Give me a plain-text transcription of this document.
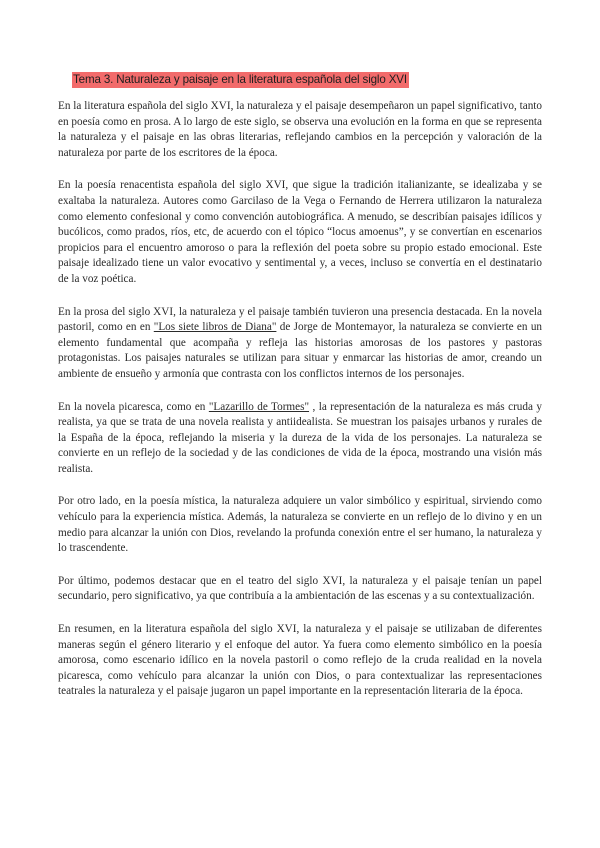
Tema 3. Naturaleza y paisaje en la literatura española del siglo XVI

En la literatura española del siglo XVI, la naturaleza y el paisaje desempeñaron un papel significativo, tanto en poesía como en prosa. A lo largo de este siglo, se observa una evolución en la forma en que se representa la naturaleza y el paisaje en las obras literarias, reflejando cambios en la percepción y valoración de la naturaleza por parte de los escritores de la época.

En la poesía renacentista española del siglo XVI, que sigue la tradición italianizante, se idealizaba y se exaltaba la naturaleza. Autores como Garcilaso de la Vega o Fernando de Herrera utilizaron la naturaleza como elemento confesional y como convención autobiográfica. A menudo, se describían paisajes idílicos y bucólicos, como prados, ríos, etc, de acuerdo con el tópico “locus amoenus”, y se convertían en escenarios propicios para el encuentro amoroso o para la reflexión del poeta sobre su propio estado emocional. Este paisaje idealizado tiene un valor evocativo y sentimental y, a veces, incluso se convertía en el destinatario de la voz poética.

En la prosa del siglo XVI, la naturaleza y el paisaje también tuvieron una presencia destacada. En la novela pastoril, como en en "Los siete libros de Diana" de Jorge de Montemayor, la naturaleza se convierte en un elemento fundamental que acompaña y refleja las historias amorosas de los pastores y pastoras protagonistas. Los paisajes naturales se utilizan para situar y enmarcar las historias de amor, creando un ambiente de ensueño y armonía que contrasta con los conflictos internos de los personajes.

En la novela picaresca, como en "Lazarillo de Tormes" , la representación de la naturaleza es más cruda y realista, ya que se trata de una novela realista y antiidealista. Se muestran los paisajes urbanos y rurales de la España de la época, reflejando la miseria y la dureza de la vida de los personajes. La naturaleza se convierte en un reflejo de la sociedad y de las condiciones de vida de la época, mostrando una visión más realista.

Por otro lado, en la poesía mística, la naturaleza adquiere un valor simbólico y espiritual, sirviendo como vehículo para la experiencia mística. Además, la naturaleza se convierte en un reflejo de lo divino y en un medio para alcanzar la unión con Dios, revelando la profunda conexión entre el ser humano, la naturaleza y lo trascendente.

Por último, podemos destacar que en el teatro del siglo XVI, la naturaleza y el paisaje tenían un papel secundario, pero significativo, ya que contribuía a la ambientación de las escenas y a su contextualización.

En resumen, en la literatura española del siglo XVI, la naturaleza y el paisaje se utilizaban de diferentes maneras según el género literario y el enfoque del autor. Ya fuera como elemento simbólico en la poesía amorosa, como escenario idílico en la novela pastoril o como reflejo de la cruda realidad en la novela picaresca, como vehículo para alcanzar la unión con Dios, o para contextualizar las representaciones teatrales la naturaleza y el paisaje jugaron un papel importante en la representación literaria de la época.
